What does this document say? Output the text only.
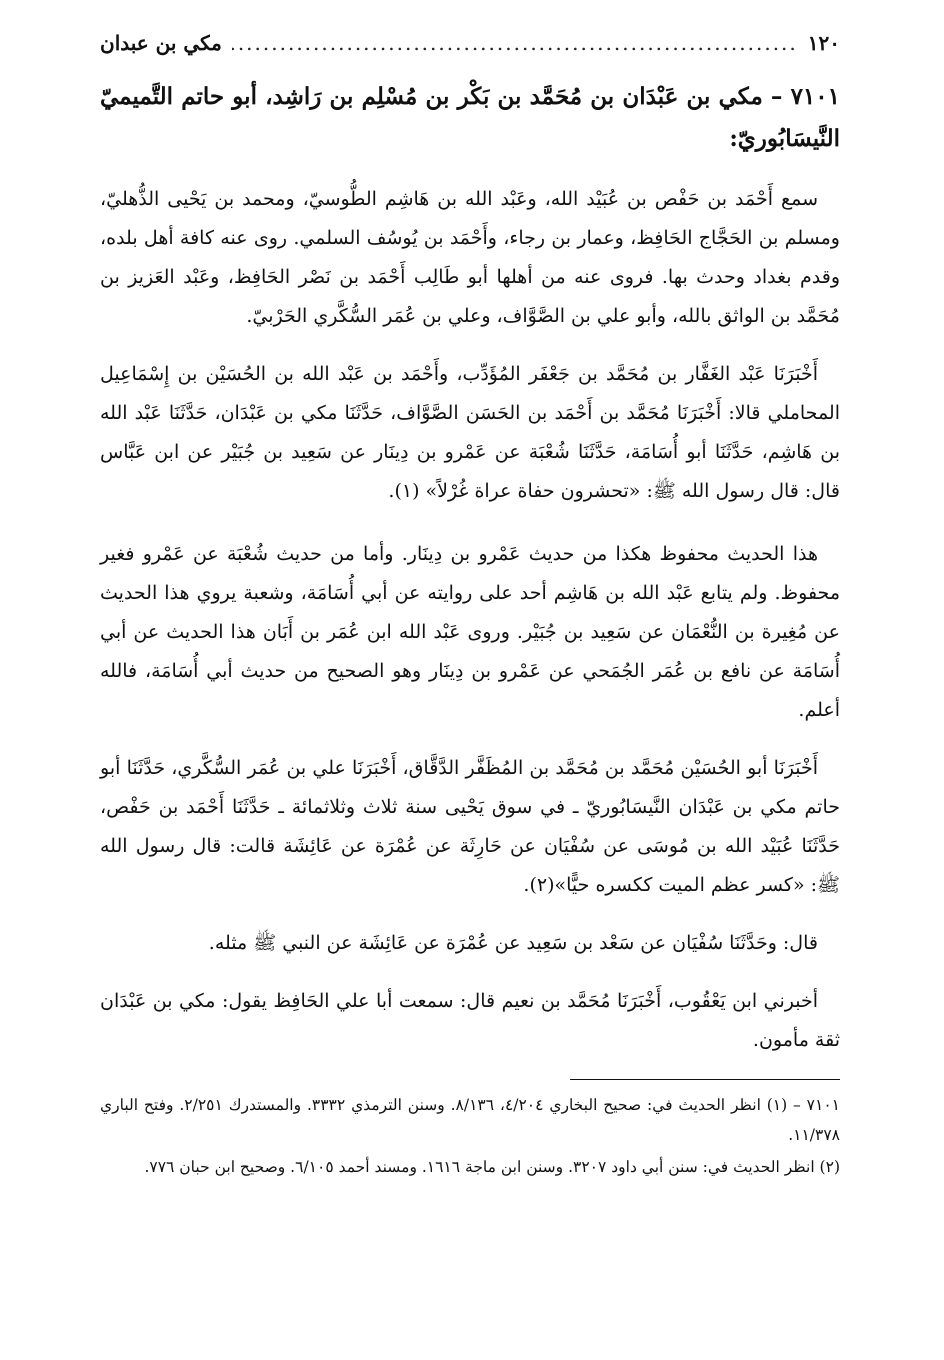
١٢٠
.....
مكي بن عبدان
٧١٠١ – مكي بن عَبْدَان بن مُحَمَّد بن بَكْر بن مُسْلِم بن رَاشِد، أبو حاتم التَّميميّ النَّيسَابُوريّ:

سمع أَحْمَد بن حَفْص بن عُبَيْد الله، وعَبْد الله بن هَاشِم الطُّوسيّ، ومحمد بن يَحْيى الذُّهليّ، ومسلم بن الحَجَّاج الحَافِظ، وعمار بن رجاء، وأَحْمَد بن يُوسُف السلمي. روى عنه كافة أهل بلده، وقدم بغداد وحدث بها. فروى عنه من أهلها أبو طَالِب أَحْمَد بن نَصْر الحَافِظ، وعَبْد العَزيز بن مُحَمَّد بن الواثق بالله، وأبو علي بن الصَّوَّاف، وعلي بن عُمَر السُّكَّري الحَرْبيّ.

أَخْبَرَنَا عَبْد الغَفَّار بن مُحَمَّد بن جَعْفَر المُؤَدِّب، وأَحْمَد بن عَبْد الله بن الحُسَيْن بن إِسْمَاعِيل المحاملي قالا: أَخْبَرَنَا مُحَمَّد بن أَحْمَد بن الحَسَن الصَّوَّاف، حَدَّثَنَا مكي بن عَبْدَان، حَدَّثَنَا عَبْد الله بن هَاشِم، حَدَّثَنَا أبو أُسَامَة، حَدَّثَنَا شُعْبَة عن عَمْرو بن دِينَار عن سَعِيد بن جُبَيْر عن ابن عَبَّاس قال: قال رسول الله ﷺ: «تحشرون حفاة عراة غُرْلاً» (١).

هذا الحديث محفوظ هكذا من حديث عَمْرو بن دِينَار. وأما من حديث شُعْبَة عن عَمْرو فغير محفوظ. ولم يتابع عَبْد الله بن هَاشِم أحد على روايته عن أبي أُسَامَة، وشعبة يروي هذا الحديث عن مُغِيرة بن النُّعْمَان عن سَعِيد بن جُبَيْر. وروى عَبْد الله ابن عُمَر بن أَبَان هذا الحديث عن أبي أُسَامَة عن نافع بن عُمَر الجُمَحي عن عَمْرو بن دِينَار وهو الصحيح من حديث أبي أُسَامَة، فالله أعلم.

أَخْبَرَنَا أبو الحُسَيْن مُحَمَّد بن مُحَمَّد بن المُظَفَّر الدَّقَّاق، أَخْبَرَنَا علي بن عُمَر السُّكَّري، حَدَّثَنَا أبو حاتم مكي بن عَبْدَان النَّيسَابُوريّ ـ في سوق يَحْيى سنة ثلاث وثلاثمائة ـ حَدَّثَنَا أَحْمَد بن حَفْص، حَدَّثَنَا عُبَيْد الله بن مُوسَى عن سُفْيَان عن حَارِثَة عن عُمْرَة عن عَائِشَة قالت: قال رسول الله ﷺ: «كسر عظم الميت ككسره حيًّا»(٢).

قال: وحَدَّثَنَا سُفْيَان عن سَعْد بن سَعِيد عن عُمْرَة عن عَائِشَة عن النبي ﷺ مثله.

أخبرني ابن يَعْقُوب، أَخْبَرَنَا مُحَمَّد بن نعيم قال: سمعت أبا علي الحَافِظ يقول: مكي بن عَبْدَان ثقة مأمون.

٧١٠١ – (١) انظر الحديث في: صحيح البخاري ٤/٢٠٤، ٨/١٣٦. وسنن الترمذي ٣٣٣٢. والمستدرك ٢/٢٥١. وفتح الباري ١١/٣٧٨.
(٢) انظر الحديث في: سنن أبي داود ٣٢٠٧. وسنن ابن ماجة ١٦١٦. ومسند أحمد ٦/١٠٥. وصحيح ابن حبان ٧٧٦.
